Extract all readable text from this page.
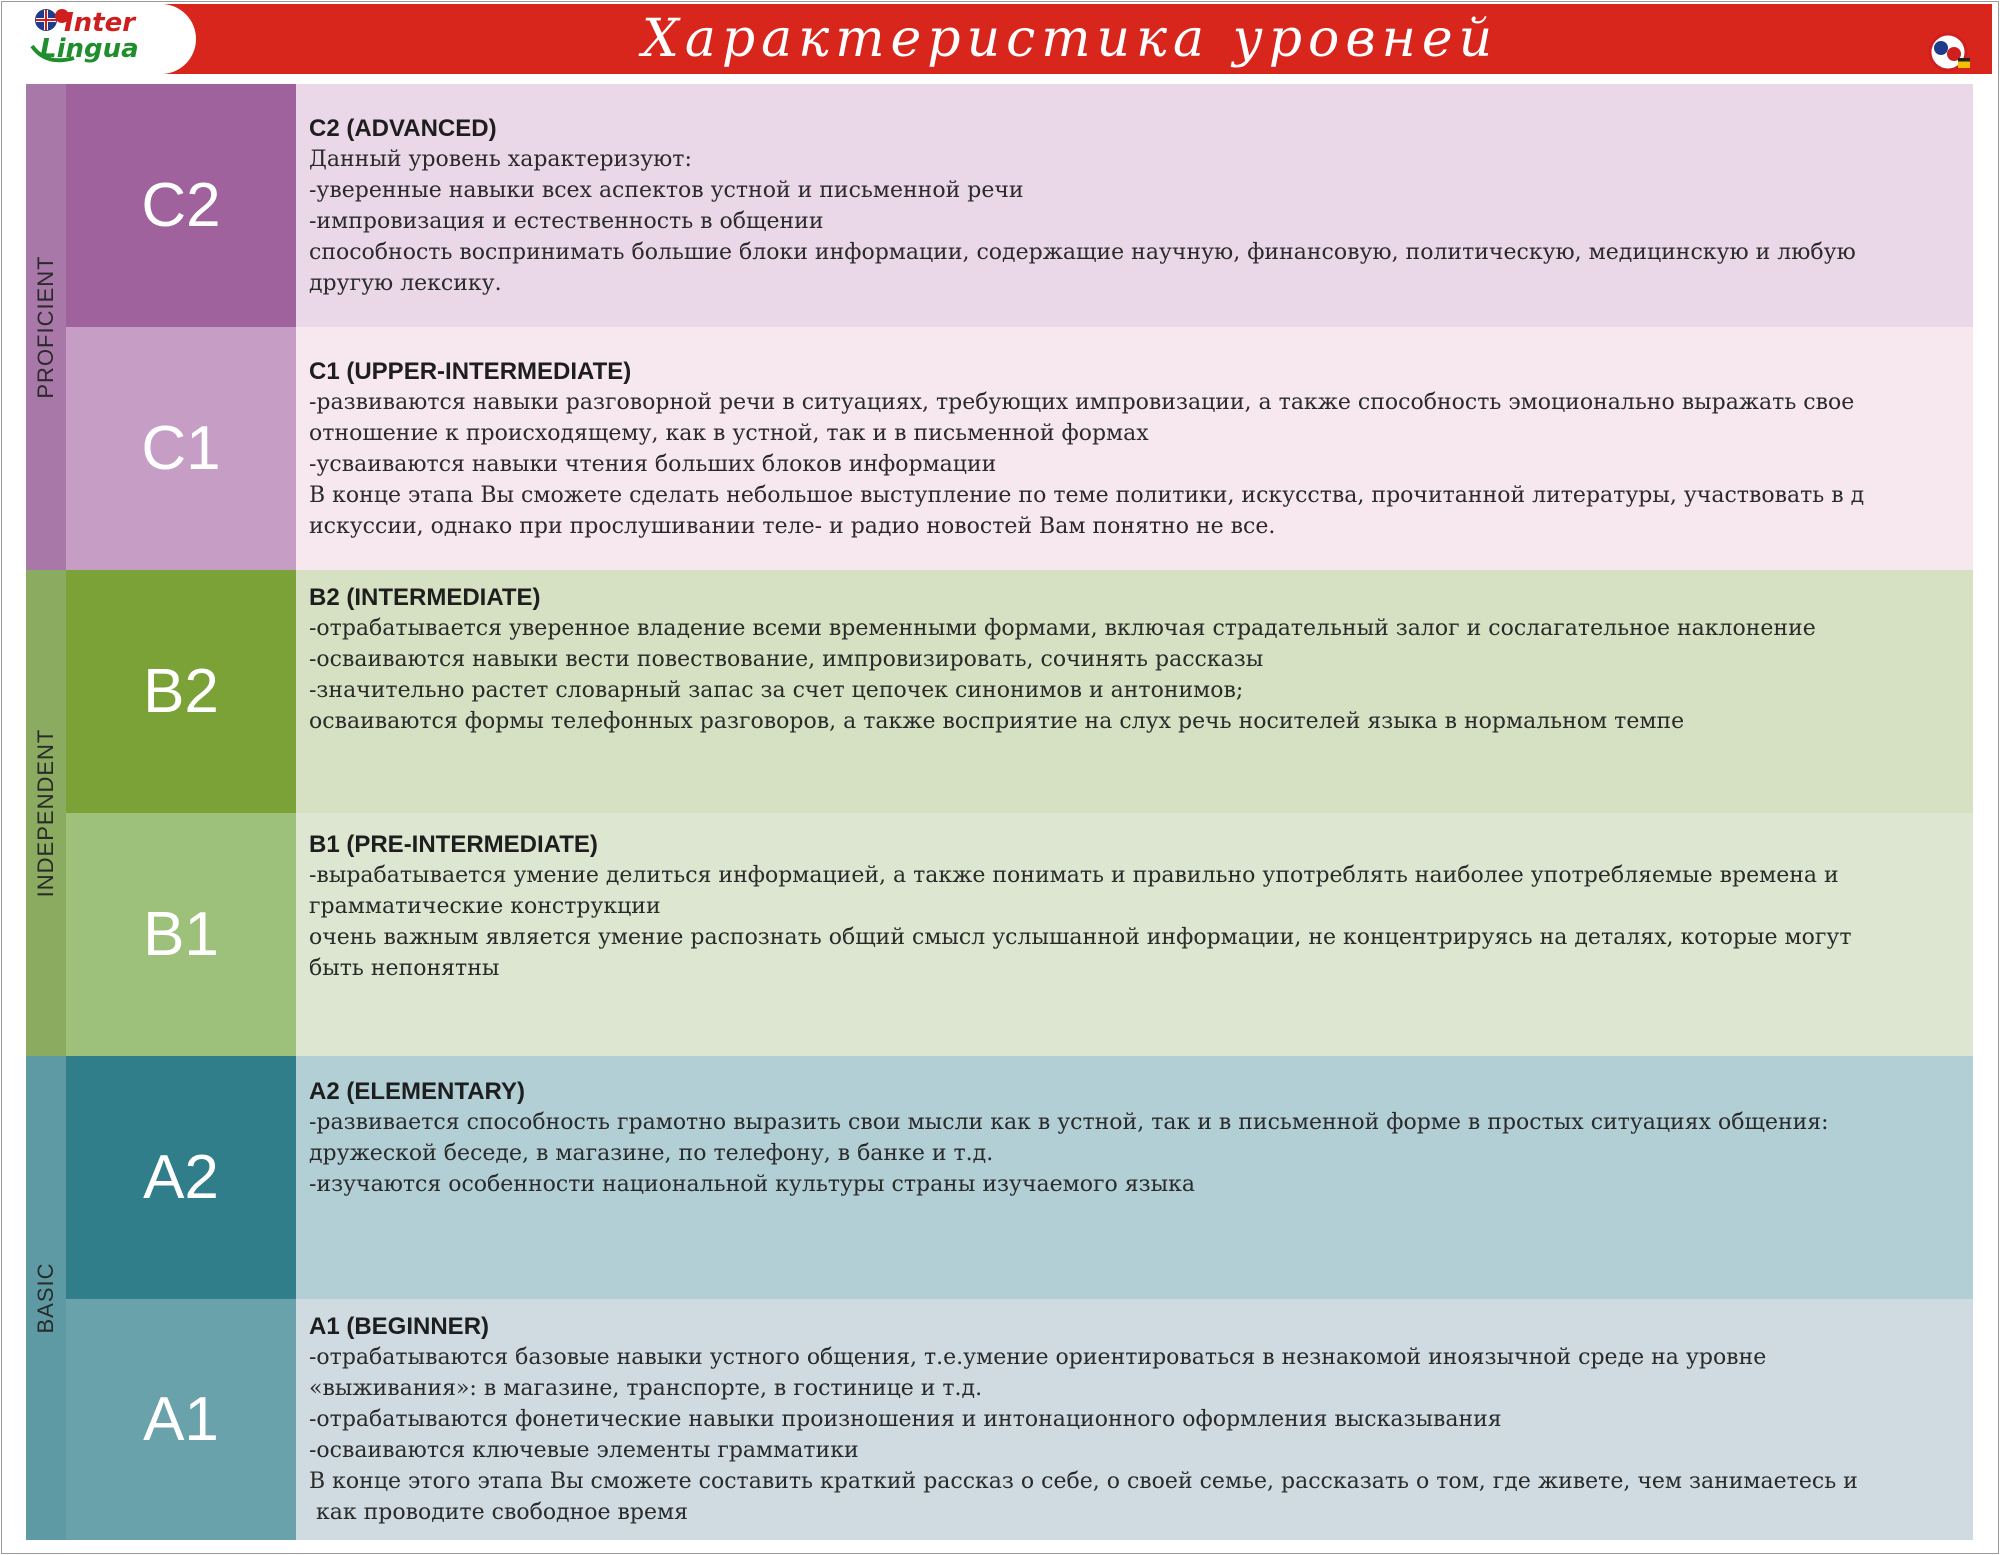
Inter
Lingua	Характеристика уровней
PROFICIENT
INDEPENDENT
BASIC
C2
C2 (ADVANCED)
Данный уровень характеризуют:
-уверенные навыки всех аспектов устной и письменной речи
-импровизация и естественность в общении
способность воспринимать большие блоки информации, содержащие научную, финансовую, политическую, медицинскую и любую
другую лексику.
C1
C1 (UPPER-INTERMEDIATE)
-развиваются навыки разговорной речи в ситуациях, требующих импровизации, а также способность эмоционально выражать свое
отношение к происходящему, как в устной, так и в письменной формах
-усваиваются навыки чтения больших блоков информации
В конце этапа Вы сможете сделать небольшое выступление по теме политики, искусства, прочитанной литературы, участвовать в д
искуссии, однако при прослушивании теле- и радио новостей Вам понятно не все.
B2
B2 (INTERMEDIATE)
-отрабатывается уверенное владение всеми временными формами, включая страдательный залог и сослагательное наклонение
-осваиваются навыки вести повествование, импровизировать, сочинять рассказы
-значительно растет словарный запас за счет цепочек синонимов и антонимов;
осваиваются формы телефонных разговоров, а также восприятие на слух речь носителей языка в нормальном темпе
B1
B1 (PRE-INTERMEDIATE)
-вырабатывается умение делиться информацией, а также понимать и правильно употреблять наиболее употребляемые времена и
грамматические конструкции
очень важным является умение распознать общий смысл услышанной информации, не концентрируясь на деталях, которые могут
быть непонятны
A2
A2 (ELEMENTARY)
-развивается способность грамотно выразить свои мысли как в устной, так и в письменной форме в простых ситуациях общения:
дружеской беседе, в магазине, по телефону, в банке и т.д.
-изучаются особенности национальной культуры страны изучаемого языка
A1
A1 (BEGINNER)
-отрабатываются базовые навыки устного общения, т.е.умение ориентироваться в незнакомой иноязычной среде на уровне
«выживания»: в магазине, транспорте, в гостинице и т.д.
-отрабатываются фонетические навыки произношения и интонационного оформления высказывания
-осваиваются ключевые элементы грамматики
В конце этого этапа Вы сможете составить краткий рассказ о себе, о своей семье, рассказать о том, где живете, чем занимаетесь и
как проводите свободное время
